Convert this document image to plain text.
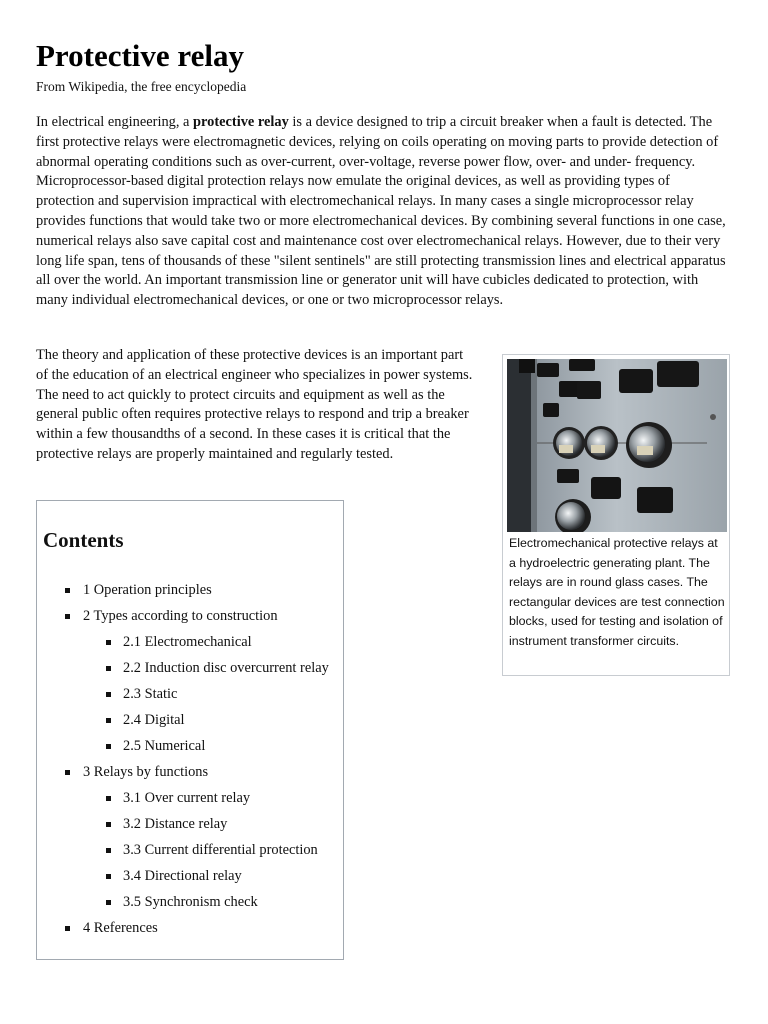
Protective relay
From Wikipedia, the free encyclopedia

In electrical engineering, a protective relay is a device designed to trip a circuit breaker when a fault is detected. The first protective relays were electromagnetic devices, relying on coils operating on moving parts to provide detection of abnormal operating conditions such as over-current, over-voltage, reverse power flow, over- and under- frequency. Microprocessor-based digital protection relays now emulate the original devices, as well as providing types of protection and supervision impractical with electromechanical relays. In many cases a single microprocessor relay provides functions that would take two or more electromechanical devices. By combining several functions in one case, numerical relays also save capital cost and maintenance cost over electromechanical relays. However, due to their very long life span, tens of thousands of these "silent sentinels" are still protecting transmission lines and electrical apparatus all over the world. An important transmission line or generator unit will have cubicles dedicated to protection, with many individual electromechanical devices, or one or two microprocessor relays.

The theory and application of these protective devices is an important part of the education of an electrical engineer who specializes in power systems. The need to act quickly to protect circuits and equipment as well as the general public often requires protective relays to respond and trip a breaker within a few thousandths of a second. In these cases it is critical that the protective relays are properly maintained and regularly tested.

Electromechanical protective relays at a hydroelectric generating plant. The relays are in round glass cases. The rectangular devices are test connection blocks, used for testing and isolation of instrument transformer circuits.
Contents
1 Operation principles
2 Types according to construction
2.1 Electromechanical
2.2 Induction disc overcurrent relay
2.3 Static
2.4 Digital
2.5 Numerical
3 Relays by functions
3.1 Over current relay
3.2 Distance relay
3.3 Current differential protection
3.4 Directional relay
3.5 Synchronism check
4 References
